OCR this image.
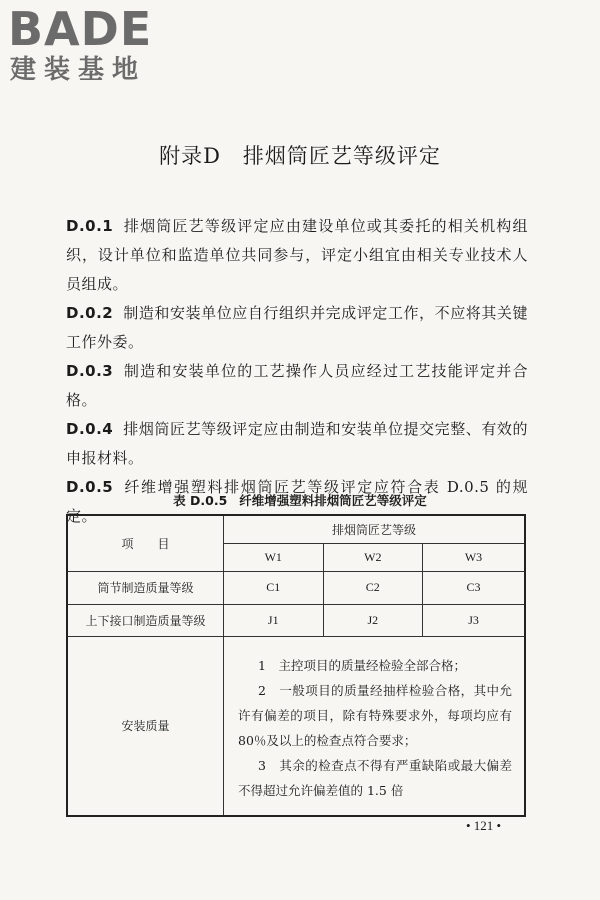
BADE
建装基地
附录D　排烟筒匠艺等级评定
D.0.1 排烟筒匠艺等级评定应由建设单位或其委托的相关机构组织，设计单位和监造单位共同参与，评定小组宜由相关专业技术人员组成。
D.0.2 制造和安装单位应自行组织并完成评定工作，不应将其关键工作外委。
D.0.3 制造和安装单位的工艺操作人员应经过工艺技能评定并合格。
D.0.4 排烟筒匠艺等级评定应由制造和安装单位提交完整、有效的申报材料。
D.0.5 纤维增强塑料排烟筒匠艺等级评定应符合表 D.0.5 的规定。
表 D.0.5 纤维增强塑料排烟筒匠艺等级评定
项　　目	排烟筒匠艺等级		
	W1	W2	W3
筒节制造质量等级	C1	C2	C3
上下接口制造质量等级	J1	J2	J3
安装质量	1　主控项目的质量经检验全部合格；
2　一般项目的质量经抽样检验合格，其中允许有偏差的项目，除有特殊要求外，每项均应有 80％及以上的检查点符合要求；
3　其余的检查点不得有严重缺陷或最大偏差不得超过允许偏差值的 1.5 倍		
• 121 •
